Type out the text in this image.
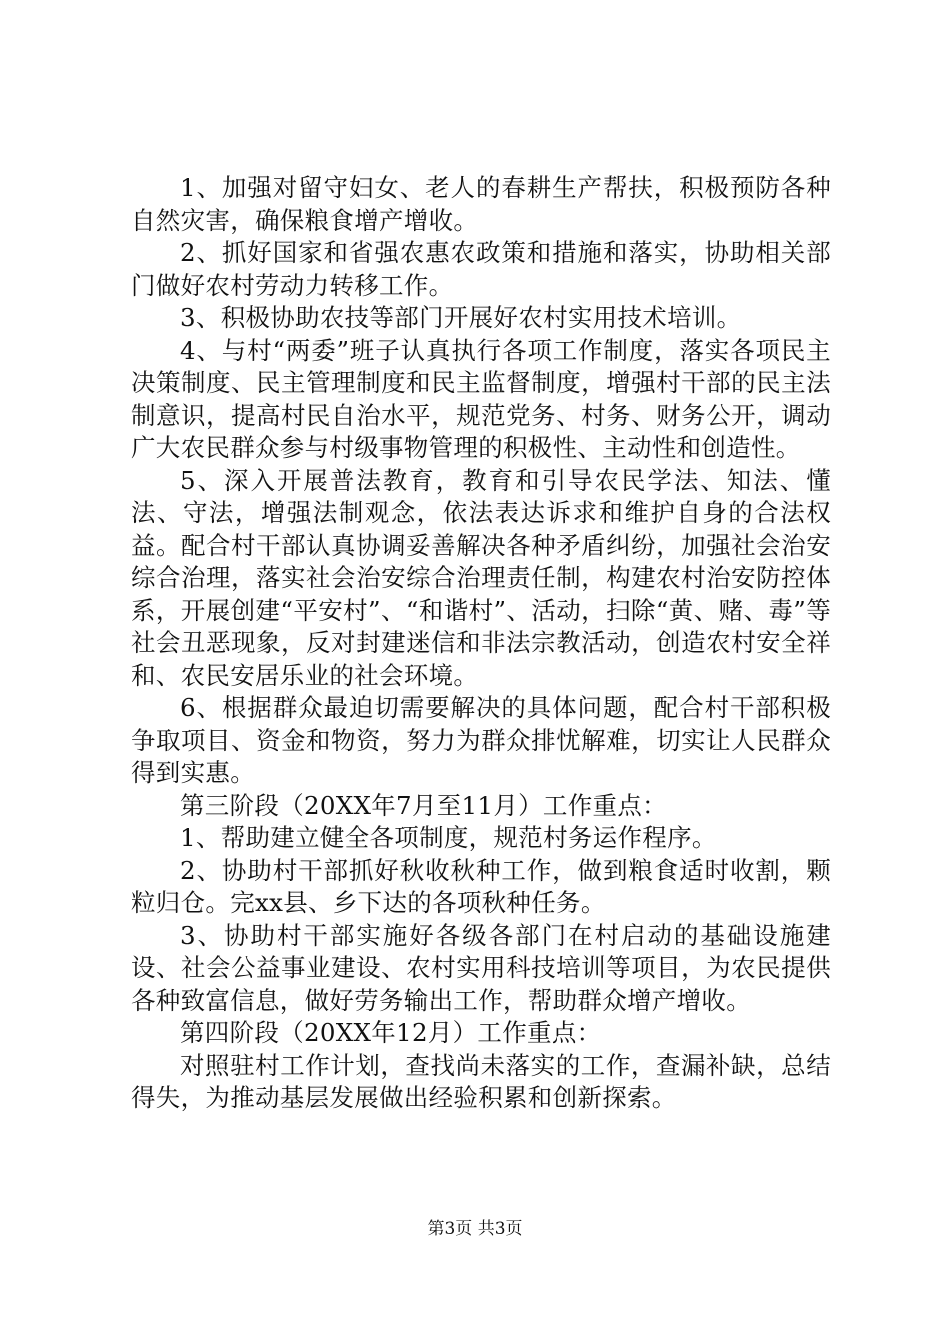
1、加强对留守妇女、老人的春耕生产帮扶，积极预防各种自然灾害，确保粮食增产增收。

2、抓好国家和省强农惠农政策和措施和落实，协助相关部门做好农村劳动力转移工作。

3、积极协助农技等部门开展好农村实用技术培训。

4、与村“两委”班子认真执行各项工作制度，落实各项民主决策制度、民主管理制度和民主监督制度，增强村干部的民主法制意识，提高村民自治水平，规范党务、村务、财务公开，调动广大农民群众参与村级事物管理的积极性、主动性和创造性。

5、深入开展普法教育，教育和引导农民学法、知法、懂法、守法，增强法制观念，依法表达诉求和维护自身的合法权益。配合村干部认真协调妥善解决各种矛盾纠纷，加强社会治安综合治理，落实社会治安综合治理责任制，构建农村治安防控体系，开展创建“平安村”、“和谐村”、活动，扫除“黄、赌、毒”等社会丑恶现象，反对封建迷信和非法宗教活动，创造农村安全祥和、农民安居乐业的社会环境。

6、根据群众最迫切需要解决的具体问题，配合村干部积极争取项目、资金和物资，努力为群众排忧解难，切实让人民群众得到实惠。

第三阶段（20XX年7月至11月）工作重点：

1、帮助建立健全各项制度，规范村务运作程序。

2、协助村干部抓好秋收秋种工作，做到粮食适时收割，颗粒归仓。完xx县、乡下达的各项秋种任务。

3、协助村干部实施好各级各部门在村启动的基础设施建设、社会公益事业建设、农村实用科技培训等项目，为农民提供各种致富信息，做好劳务输出工作，帮助群众增产增收。

第四阶段（20XX年12月）工作重点：

对照驻村工作计划，查找尚未落实的工作，查漏补缺，总结得失，为推动基层发展做出经验积累和创新探索。

第3页 共3页
